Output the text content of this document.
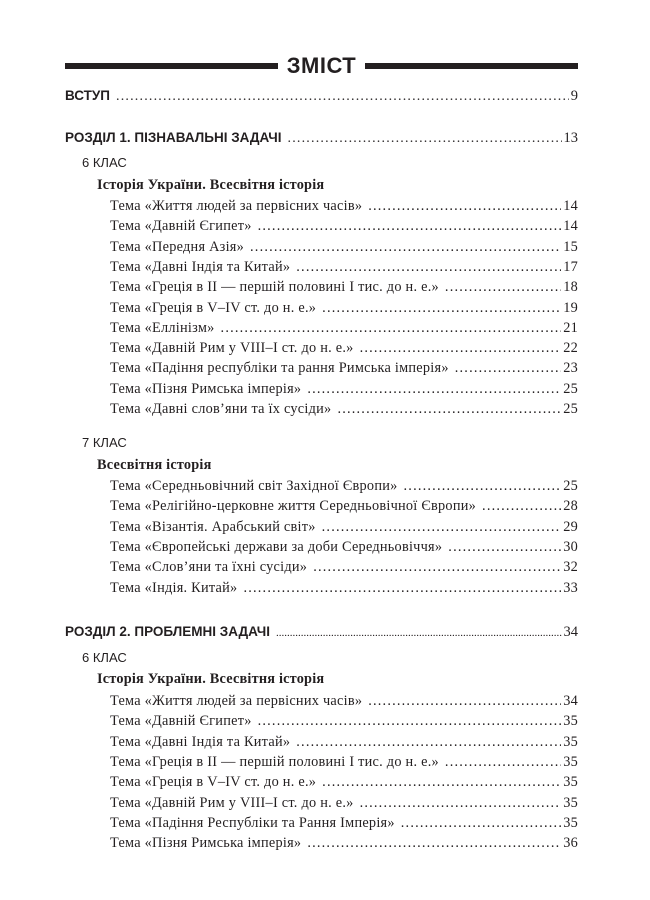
ЗМІСТ
ВСТУП .....	9
РОЗДІЛ 1. ПІЗНАВАЛЬНІ ЗАДАЧІ .....	13
6 КЛАС
Історія України. Всесвітня історія
Тема «Життя людей за первісних часів» .....	14
Тема «Давній Єгипет» .....	14
Тема «Передня Азія» .....	15
Тема «Давні Індія та Китай» .....	17
Тема «Греція в II — першій половині I тис. до н. е.» .....	18
Тема «Греція в V–IV ст. до н. е.» .....	19
Тема «Еллінізм» .....	21
Тема «Давній Рим у VIII–I ст. до н. е.» .....	22
Тема «Падіння республіки та рання Римська імперія» .....	23
Тема «Пізня Римська імперія» .....	25
Тема «Давні слов’яни та їх сусіди» .....	25
7 КЛАС
Всесвітня історія
Тема «Середньовічний світ Західної Європи» .....	25
Тема «Релігійно-церковне життя Середньовічної Європи» .....	28
Тема «Візантія. Арабський світ» .....	29
Тема «Європейські держави за доби Середньовіччя» .....	30
Тема «Слов’яни та їхні сусіди» .....	32
Тема «Індія. Китай» .....	33
РОЗДІЛ 2. ПРОБЛЕМНІ ЗАДАЧІ .....	34
6 КЛАС
Історія України. Всесвітня історія
Тема «Життя людей за первісних часів» .....	34
Тема «Давній Єгипет» .....	35
Тема «Давні Індія та Китай» .....	35
Тема «Греція в II — першій половині I тис. до н. е.» .....	35
Тема «Греція в V–IV ст. до н. е.» .....	35
Тема «Давній Рим у VIII–I ст. до н. е.» .....	35
Тема «Падіння Республіки та Рання Імперія» .....	35
Тема «Пізня Римська імперія» .....	36
